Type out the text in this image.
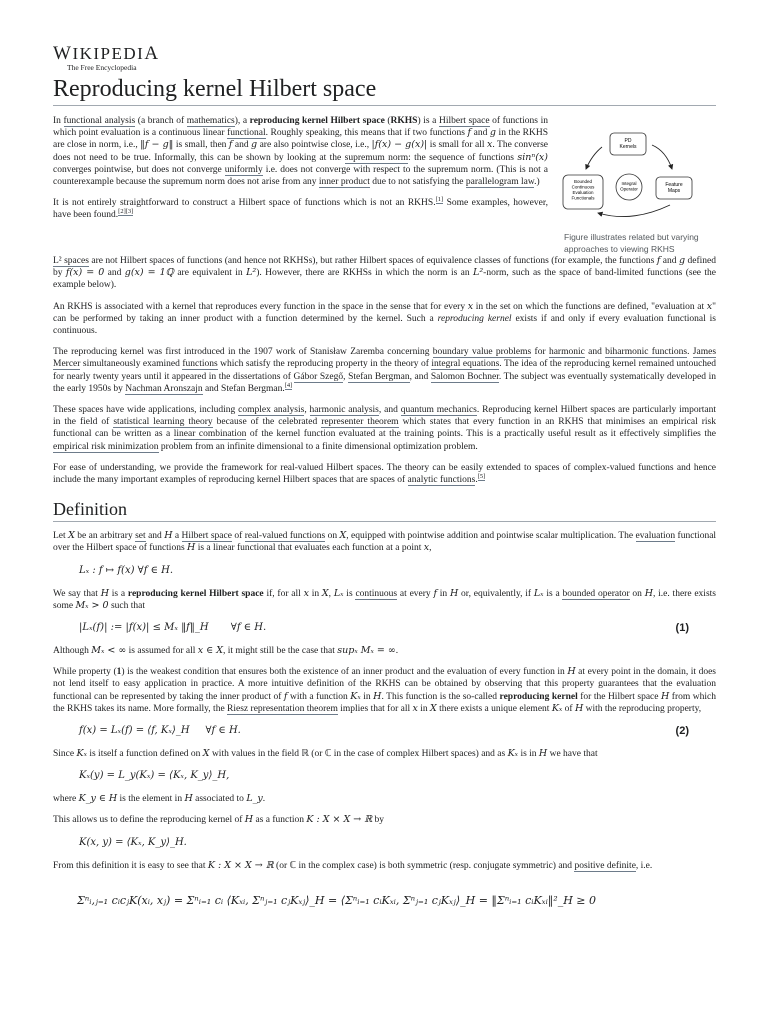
WIKIPEDIA
The Free Encyclopedia
Reproducing kernel Hilbert space

In functional analysis (a branch of mathematics), a reproducing kernel Hilbert space (RKHS) is a Hilbert space of functions in which point evaluation is a continuous linear functional. Roughly speaking, this means that if two functions f and g in the RKHS are close in norm, i.e., ‖f − g‖ is small, then f and g are also pointwise close, i.e., |f(x) − g(x)| is small for all x. The converse does not need to be true. Informally, this can be shown by looking at the supremum norm: the sequence of functions sinⁿ(x) converges pointwise, but does not converge uniformly i.e. does not converge with respect to the supremum norm. (This is not a counterexample because the supremum norm does not arise from any inner product due to not satisfying the parallelogram law.)

It is not entirely straightforward to construct a Hilbert space of functions which is not an RKHS.[1] Some examples, however, have been found.[2][3]

PD Kernels
Bounded Continuous Evaluation Functionals
Integral Operator
Feature Maps
Figure illustrates related but varying approaches to viewing RKHS

L² spaces are not Hilbert spaces of functions (and hence not RKHSs), but rather Hilbert spaces of equivalence classes of functions (for example, the functions f and g defined by f(x) = 0 and g(x) = 1ℚ are equivalent in L²). However, there are RKHSs in which the norm is an L²-norm, such as the space of band-limited functions (see the example below).

An RKHS is associated with a kernel that reproduces every function in the space in the sense that for every x in the set on which the functions are defined, "evaluation at x" can be performed by taking an inner product with a function determined by the kernel. Such a reproducing kernel exists if and only if every evaluation functional is continuous.

The reproducing kernel was first introduced in the 1907 work of Stanisław Zaremba concerning boundary value problems for harmonic and biharmonic functions. James Mercer simultaneously examined functions which satisfy the reproducing property in the theory of integral equations. The idea of the reproducing kernel remained untouched for nearly twenty years until it appeared in the dissertations of Gábor Szegő, Stefan Bergman, and Salomon Bochner. The subject was eventually systematically developed in the early 1950s by Nachman Aronszajn and Stefan Bergman.[4]

These spaces have wide applications, including complex analysis, harmonic analysis, and quantum mechanics. Reproducing kernel Hilbert spaces are particularly important in the field of statistical learning theory because of the celebrated representer theorem which states that every function in an RKHS that minimises an empirical risk functional can be written as a linear combination of the kernel function evaluated at the training points. This is a practically useful result as it effectively simplifies the empirical risk minimization problem from an infinite dimensional to a finite dimensional optimization problem.

For ease of understanding, we provide the framework for real-valued Hilbert spaces. The theory can be easily extended to spaces of complex-valued functions and hence include the many important examples of reproducing kernel Hilbert spaces that are spaces of analytic functions.[5]

Definition

Let X be an arbitrary set and H a Hilbert space of real-valued functions on X, equipped with pointwise addition and pointwise scalar multiplication. The evaluation functional over the Hilbert space of functions H is a linear functional that evaluates each function at a point x,

Lₓ : f ↦ f(x) ∀f ∈ H.

We say that H is a reproducing kernel Hilbert space if, for all x in X, Lₓ is continuous at every f in H or, equivalently, if Lₓ is a bounded operator on H, i.e. there exists some Mₓ > 0 such that

|Lₓ(f)| := |f(x)| ≤ Mₓ ‖f‖_H       ∀f ∈ H.	(1)

Although Mₓ < ∞ is assumed for all x ∈ X, it might still be the case that supₓ Mₓ = ∞.

While property (1) is the weakest condition that ensures both the existence of an inner product and the evaluation of every function in H at every point in the domain, it does not lend itself to easy application in practice. A more intuitive definition of the RKHS can be obtained by observing that this property guarantees that the evaluation functional can be represented by taking the inner product of f with a function Kₓ in H. This function is the so-called reproducing kernel for the Hilbert space H from which the RKHS takes its name. More formally, the Riesz representation theorem implies that for all x in X there exists a unique element Kₓ of H with the reproducing property,

f(x) = Lₓ(f) = ⟨f, Kₓ⟩_H     ∀f ∈ H.	(2)

Since Kₓ is itself a function defined on X with values in the field ℝ (or ℂ in the case of complex Hilbert spaces) and as Kₓ is in H we have that

Kₓ(y) = L_y(Kₓ) = ⟨Kₓ, K_y⟩_H,

where K_y ∈ H is the element in H associated to L_y.

This allows us to define the reproducing kernel of H as a function K : X × X → ℝ by

K(x, y) = ⟨Kₓ, K_y⟩_H.

From this definition it is easy to see that K : X × X → ℝ (or ℂ in the complex case) is both symmetric (resp. conjugate symmetric) and positive definite, i.e.

Σⁿᵢ,ⱼ₌₁ cᵢcⱼK(xᵢ, xⱼ) = Σⁿᵢ₌₁ cᵢ ⟨Kₓᵢ, Σⁿⱼ₌₁ cⱼKₓⱼ⟩_H = ⟨Σⁿᵢ₌₁ cᵢKₓᵢ, Σⁿⱼ₌₁ cⱼKₓⱼ⟩_H = ‖Σⁿᵢ₌₁ cᵢKₓᵢ‖²_H ≥ 0
